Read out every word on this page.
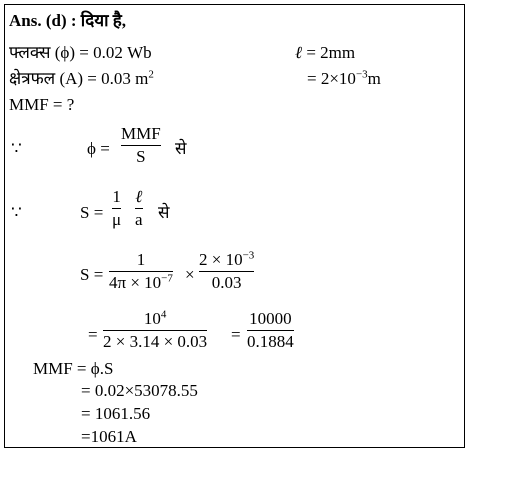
Ans. (d) : दिया है,
फ्लक्स (ϕ) = 0.02 Wb	ℓ = 2mm
क्षेत्रफल (A) = 0.03 $m^2$	= $2\times 10^{-3}m$
MMF = ?
∵	ϕ =
MMF
S से
∵	S =
1
μ
ℓ
a से
S =
1
$4\pi \times 10^{-7}$ ×
$2 \times 10^{-3}$
0.03
=
$10^4$
2 × 3.14 × 0.03 =
10000
0.1884
MMF = ϕ.S
= 0.02×53078.55
= 1061.56
=1061A
